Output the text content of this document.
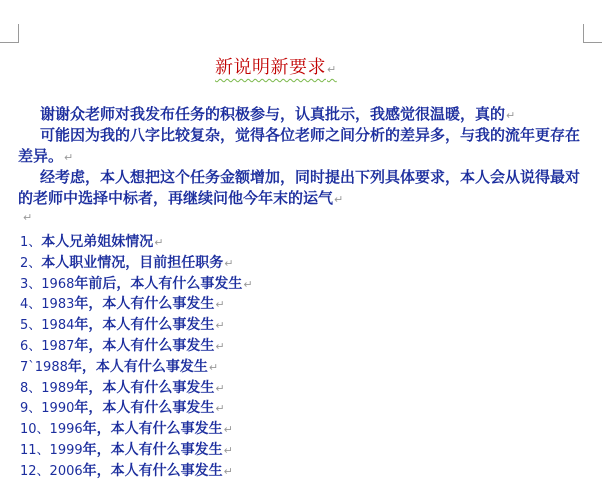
新说明新要求↵

谢谢众老师对我发布任务的积极参与，认真批示，我感觉很温暖，真的↵

可能因为我的八字比较复杂，觉得各位老师之间分析的差异多，与我的流年更存在差异。↵

经考虑，本人想把这个任务金额增加，同时提出下列具体要求，本人会从说得最对的老师中选择中标者，再继续问他今年末的运气↵

↵
1、本人兄弟姐妹情况↵
2、本人职业情况，目前担任职务↵
3、1968年前后，本人有什么事发生↵
4、1983年，本人有什么事发生↵
5、1984年，本人有什么事发生↵
6、1987年，本人有什么事发生↵
7`1988年，本人有什么事发生↵
8、1989年，本人有什么事发生↵
9、1990年，本人有什么事发生↵
10、1996年，本人有什么事发生↵
11、1999年，本人有什么事发生↵
12、2006年，本人有什么事发生↵
